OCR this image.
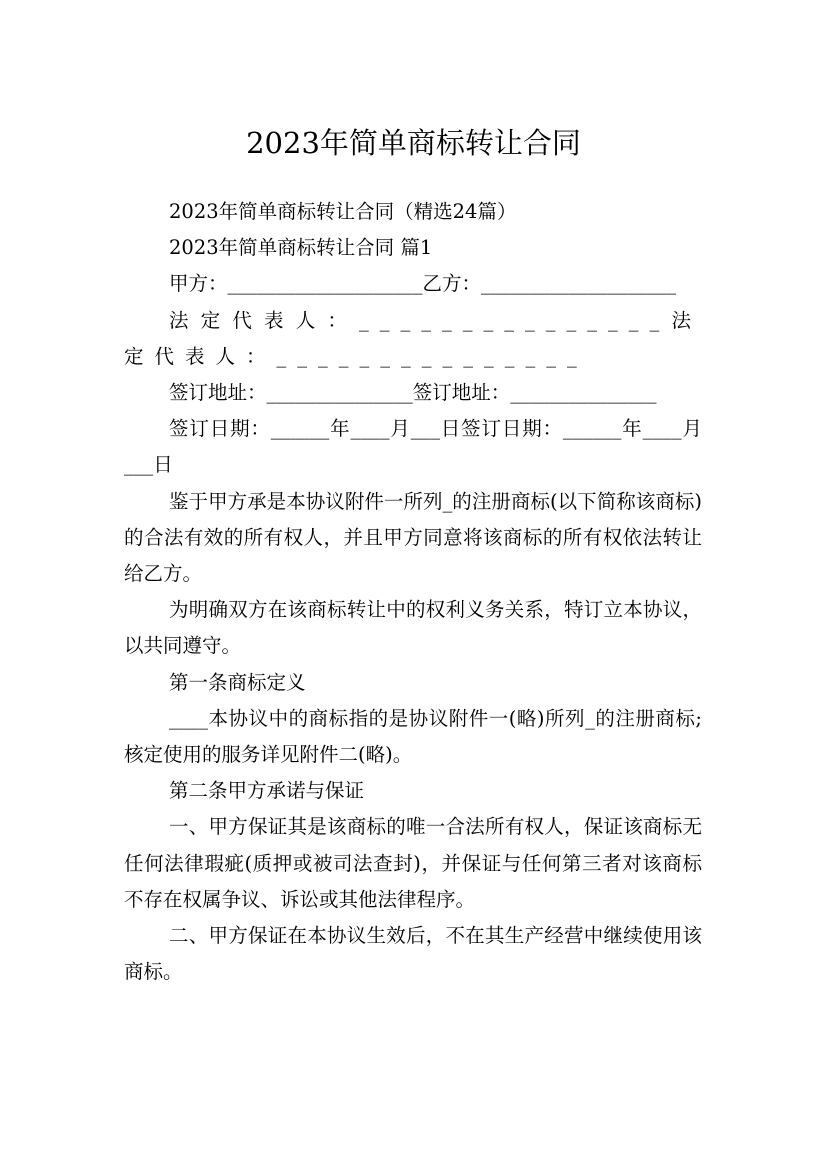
2023年简单商标转让合同

2023年简单商标转让合同（精选24篇）

2023年简单商标转让合同 篇1

甲方：____________________乙方：____________________

法定代表人：_______________法定代表人：_______________

签订地址：_______________签订地址：_______________

签订日期：______年____月___日签订日期：______年____月___日

鉴于甲方承是本协议附件一所列_的注册商标(以下简称该商标)的合法有效的所有权人，并且甲方同意将该商标的所有权依法转让给乙方。

为明确双方在该商标转让中的权利义务关系，特订立本协议，以共同遵守。

第一条商标定义

____本协议中的商标指的是协议附件一(略)所列_的注册商标;核定使用的服务详见附件二(略)。

第二条甲方承诺与保证

一、甲方保证其是该商标的唯一合法所有权人，保证该商标无任何法律瑕疵(质押或被司法查封)，并保证与任何第三者对该商标不存在权属争议、诉讼或其他法律程序。

二、甲方保证在本协议生效后，不在其生产经营中继续使用该商标。
